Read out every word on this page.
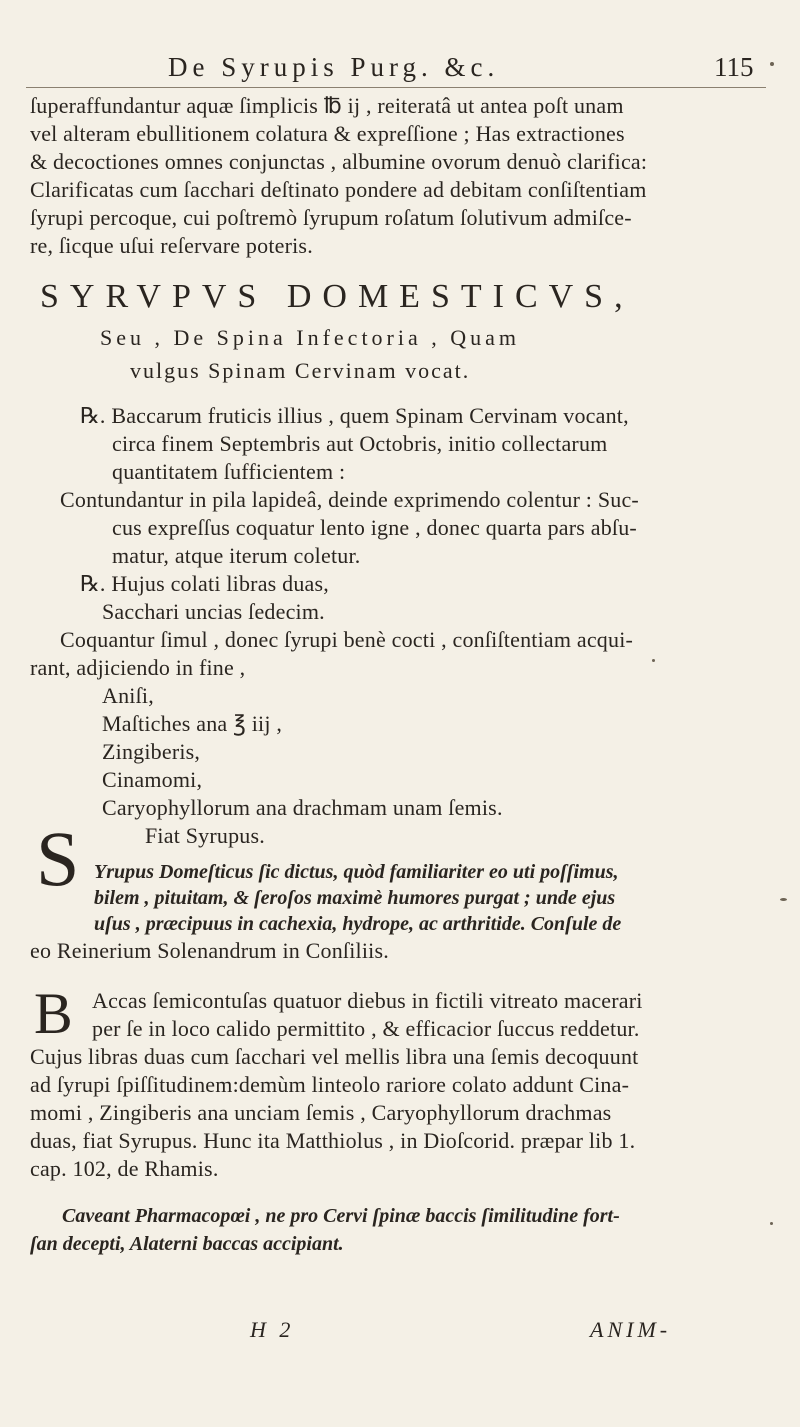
De Syrupis Purg. &c.	115
ſuperaffundantur aquæ ſimplicis ℔ ij , reiteratâ ut antea poſt unam
vel alteram ebullitionem colatura & expreſſione ; Has extractiones
& decoctiones omnes conjunctas , albumine ovorum denuò clarifica:
Clarificatas cum ſacchari deſtinato pondere ad debitam conſiſtentiam
ſyrupi percoque, cui poſtremò ſyrupum roſatum ſolutivum admiſce-
re, ſicque uſui reſervare poteris.
SYRVPVS DOMESTICVS,
Seu , De Spina Infectoria , Quam
vulgus Spinam Cervinam vocat.
℞. Baccarum fruticis illius , quem Spinam Cervinam vocant,
circa finem Septembris aut Octobris, initio collectarum
quantitatem ſufficientem :
Contundantur in pila lapideâ, deinde exprimendo colentur : Suc-
cus expreſſus coquatur lento igne , donec quarta pars abſu-
matur, atque iterum coletur.
℞. Hujus colati libras duas,
Sacchari uncias ſedecim.
Coquantur ſimul , donec ſyrupi benè cocti , conſiſtentiam acqui-
rant, adjiciendo in fine ,
Aniſi,
Maſtiches ana ℥ iij ,
Zingiberis,
Cinamomi,
Caryophyllorum ana drachmam unam ſemis.
Fiat Syrupus.
S Yrupus Domeſticus ſic dictus, quòd familiariter eo uti poſſimus,
bilem , pituitam, & ſeroſos maximè humores purgat ; unde ejus
uſus , præcipuus in cachexia, hydrope, ac arthritide. Conſule de
eo Reinerium Solenandrum in Conſiliis.
B Accas ſemicontuſas quatuor diebus in fictili vitreato macerari
per ſe in loco calido permittito , & efficacior ſuccus reddetur.
Cujus libras duas cum ſacchari vel mellis libra una ſemis decoquunt
ad ſyrupi ſpiſſitudinem:demùm linteolo rariore colato addunt Cina-
momi , Zingiberis ana unciam ſemis , Caryophyllorum drachmas
duas, fiat Syrupus. Hunc ita Matthiolus , in Dioſcorid. præpar lib 1.
cap. 102, de Rhamis.
Caveant Pharmacopœi , ne pro Cervi ſpinæ baccis ſimilitudine fort-
ſan decepti, Alaterni baccas accipiant.
H 2	ANIM-
